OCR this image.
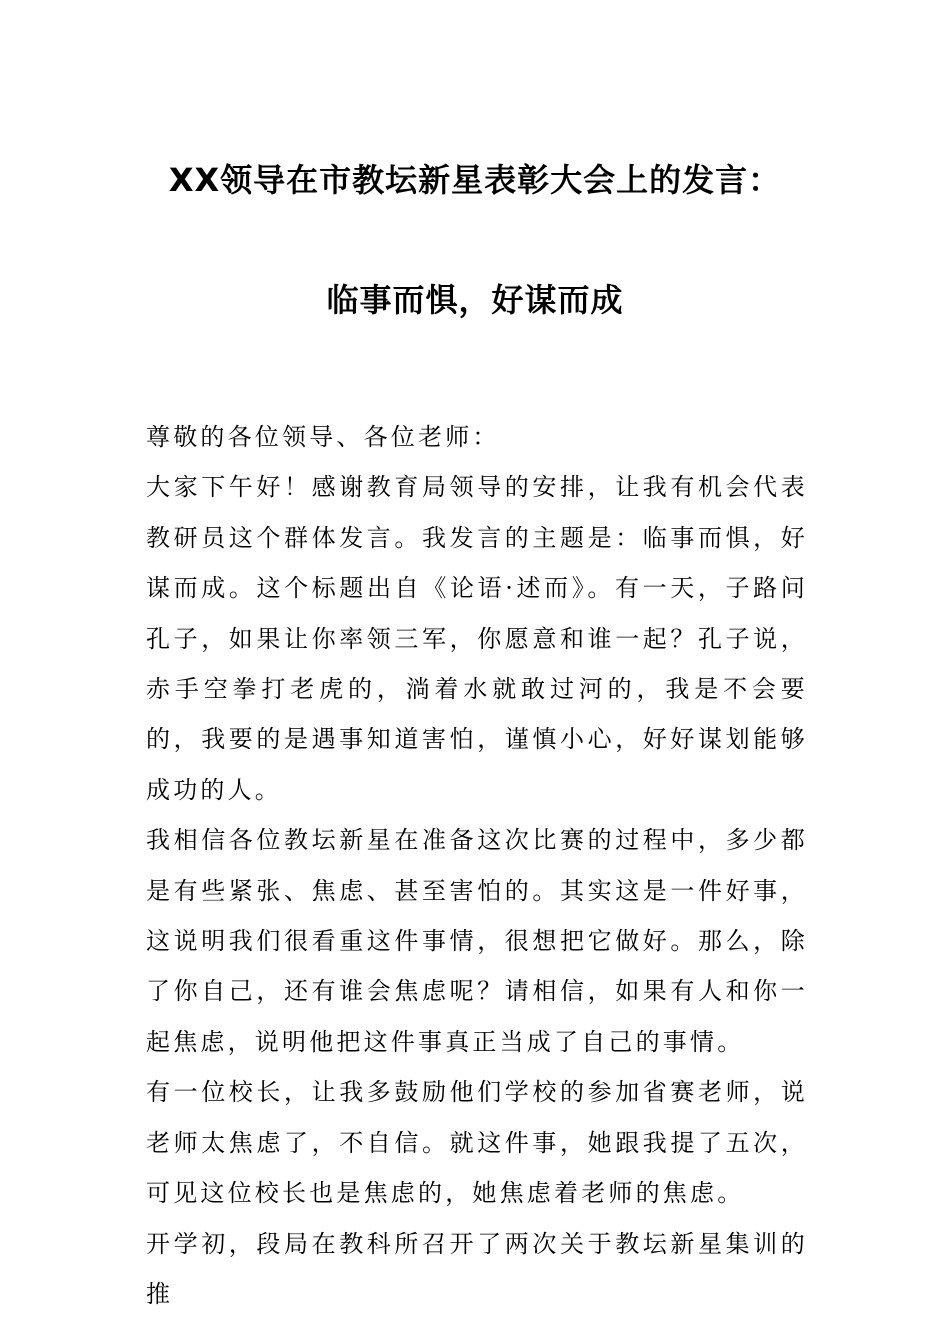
XX领导在市教坛新星表彰大会上的发言：
临事而惧，好谋而成

尊敬的各位领导、各位老师：

大家下午好！感谢教育局领导的安排，让我有机会代表教研员这个群体发言。我发言的主题是：临事而惧，好谋而成。这个标题出自《论语·述而》。有一天，子路问孔子，如果让你率领三军，你愿意和谁一起？孔子说，赤手空拳打老虎的，淌着水就敢过河的，我是不会要的，我要的是遇事知道害怕，谨慎小心，好好谋划能够成功的人。

我相信各位教坛新星在准备这次比赛的过程中，多少都是有些紧张、焦虑、甚至害怕的。其实这是一件好事，这说明我们很看重这件事情，很想把它做好。那么，除了你自己，还有谁会焦虑呢？请相信，如果有人和你一起焦虑，说明他把这件事真正当成了自己的事情。

有一位校长，让我多鼓励他们学校的参加省赛老师，说老师太焦虑了，不自信。就这件事，她跟我提了五次，可见这位校长也是焦虑的，她焦虑着老师的焦虑。

开学初，段局在教科所召开了两次关于教坛新星集训的推
